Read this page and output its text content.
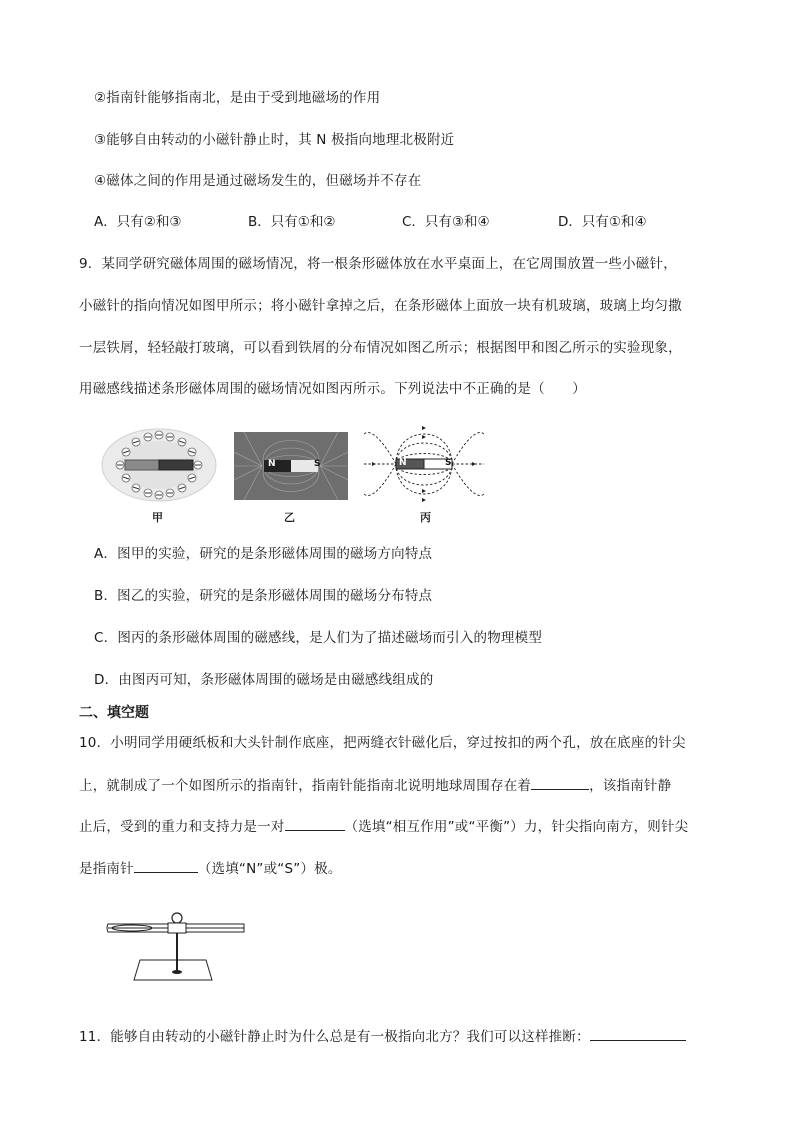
②指南针能够指南北，是由于受到地磁场的作用
③能够自由转动的小磁针静止时，其 N 极指向地理北极附近
④磁体之间的作用是通过磁场发生的，但磁场并不存在
A．只有②和③	B．只有①和②	C．只有③和④	D．只有①和④
9．某同学研究磁体周围的磁场情况，将一根条形磁体放在水平桌面上，在它周围放置一些小磁针，
小磁针的指向情况如图甲所示；将小磁针拿掉之后，在条形磁体上面放一块有机玻璃，玻璃上均匀撒
一层铁屑，轻轻敲打玻璃，可以看到铁屑的分布情况如图乙所示；根据图甲和图乙所示的实验现象，
用磁感线描述条形磁体周围的磁场情况如图丙所示。下列说法中不正确的是（　　）
甲
N	S
乙
N	S
丙
A．图甲的实验，研究的是条形磁体周围的磁场方向特点
B．图乙的实验，研究的是条形磁体周围的磁场分布特点
C．图丙的条形磁体周围的磁感线，是人们为了描述磁场而引入的物理模型
D．由图丙可知，条形磁体周围的磁场是由磁感线组成的
二、填空题
10．小明同学用硬纸板和大头针制作底座，把两缝衣针磁化后，穿过按扣的两个孔，放在底座的针尖
上，就制成了一个如图所示的指南针，指南针能指南北说明地球周围存在着	，该指南针静
止后，受到的重力和支持力是一对	（选填“相互作用”或“平衡”）力，针尖指向南方，则针尖
是指南针	（选填“N”或“S”）极。
11．能够自由转动的小磁针静止时为什么总是有一极指向北方？我们可以这样推断：
